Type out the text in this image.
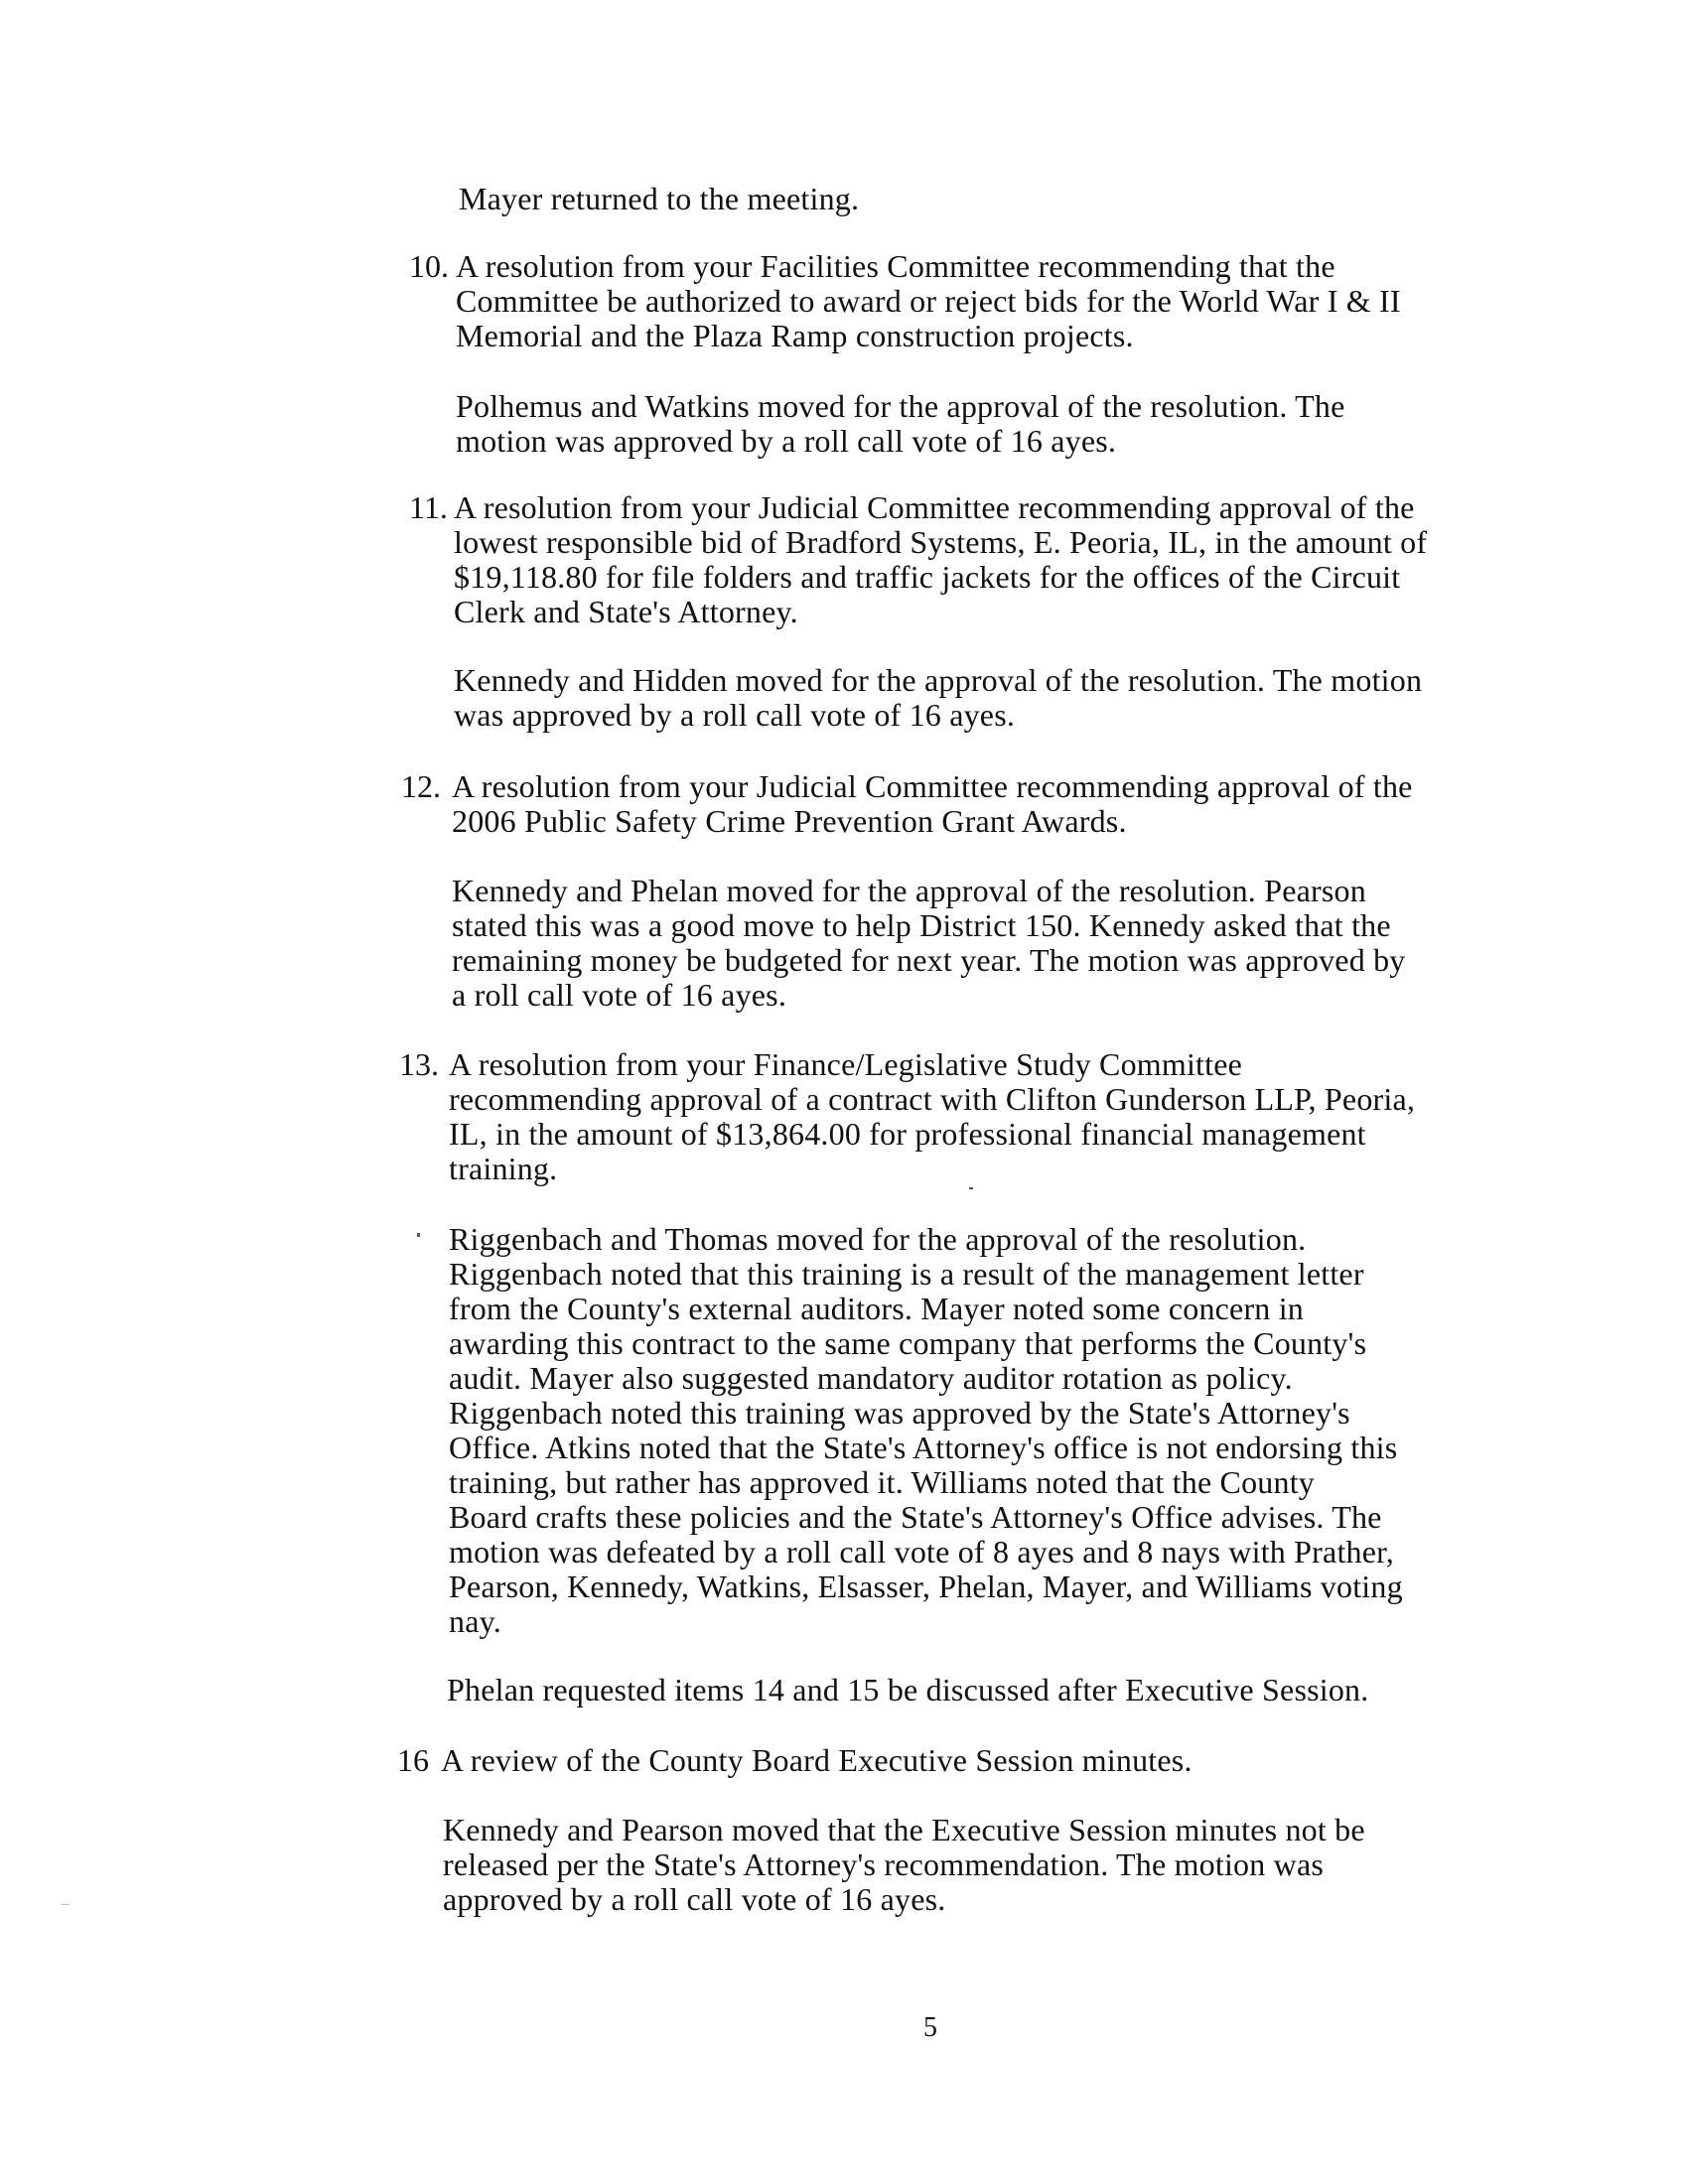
Mayer returned to the meeting.

10. A resolution from your Facilities Committee recommending that the
Committee be authorized to award or reject bids for the World War I & II
Memorial and the Plaza Ramp construction projects.

Polhemus and Watkins moved for the approval of the resolution. The
motion was approved by a roll call vote of 16 ayes.

11. A resolution from your Judicial Committee recommending approval of the
lowest responsible bid of Bradford Systems, E. Peoria, IL, in the amount of
$19,118.80 for file folders and traffic jackets for the offices of the Circuit
Clerk and State's Attorney.

Kennedy and Hidden moved for the approval of the resolution. The motion
was approved by a roll call vote of 16 ayes.

12. A resolution from your Judicial Committee recommending approval of the
2006 Public Safety Crime Prevention Grant Awards.

Kennedy and Phelan moved for the approval of the resolution. Pearson
stated this was a good move to help District 150. Kennedy asked that the
remaining money be budgeted for next year. The motion was approved by
a roll call vote of 16 ayes.

13. A resolution from your Finance/Legislative Study Committee
recommending approval of a contract with Clifton Gunderson LLP, Peoria,
IL, in the amount of $13,864.00 for professional financial management
training.

Riggenbach and Thomas moved for the approval of the resolution.
Riggenbach noted that this training is a result of the management letter
from the County's external auditors. Mayer noted some concern in
awarding this contract to the same company that performs the County's
audit. Mayer also suggested mandatory auditor rotation as policy.
Riggenbach noted this training was approved by the State's Attorney's
Office. Atkins noted that the State's Attorney's office is not endorsing this
training, but rather has approved it. Williams noted that the County
Board crafts these policies and the State's Attorney's Office advises. The
motion was defeated by a roll call vote of 8 ayes and 8 nays with Prather,
Pearson, Kennedy, Watkins, Elsasser, Phelan, Mayer, and Williams voting
nay.

Phelan requested items 14 and 15 be discussed after Executive Session.

16 A review of the County Board Executive Session minutes.

Kennedy and Pearson moved that the Executive Session minutes not be
released per the State's Attorney's recommendation. The motion was
approved by a roll call vote of 16 ayes.

5
